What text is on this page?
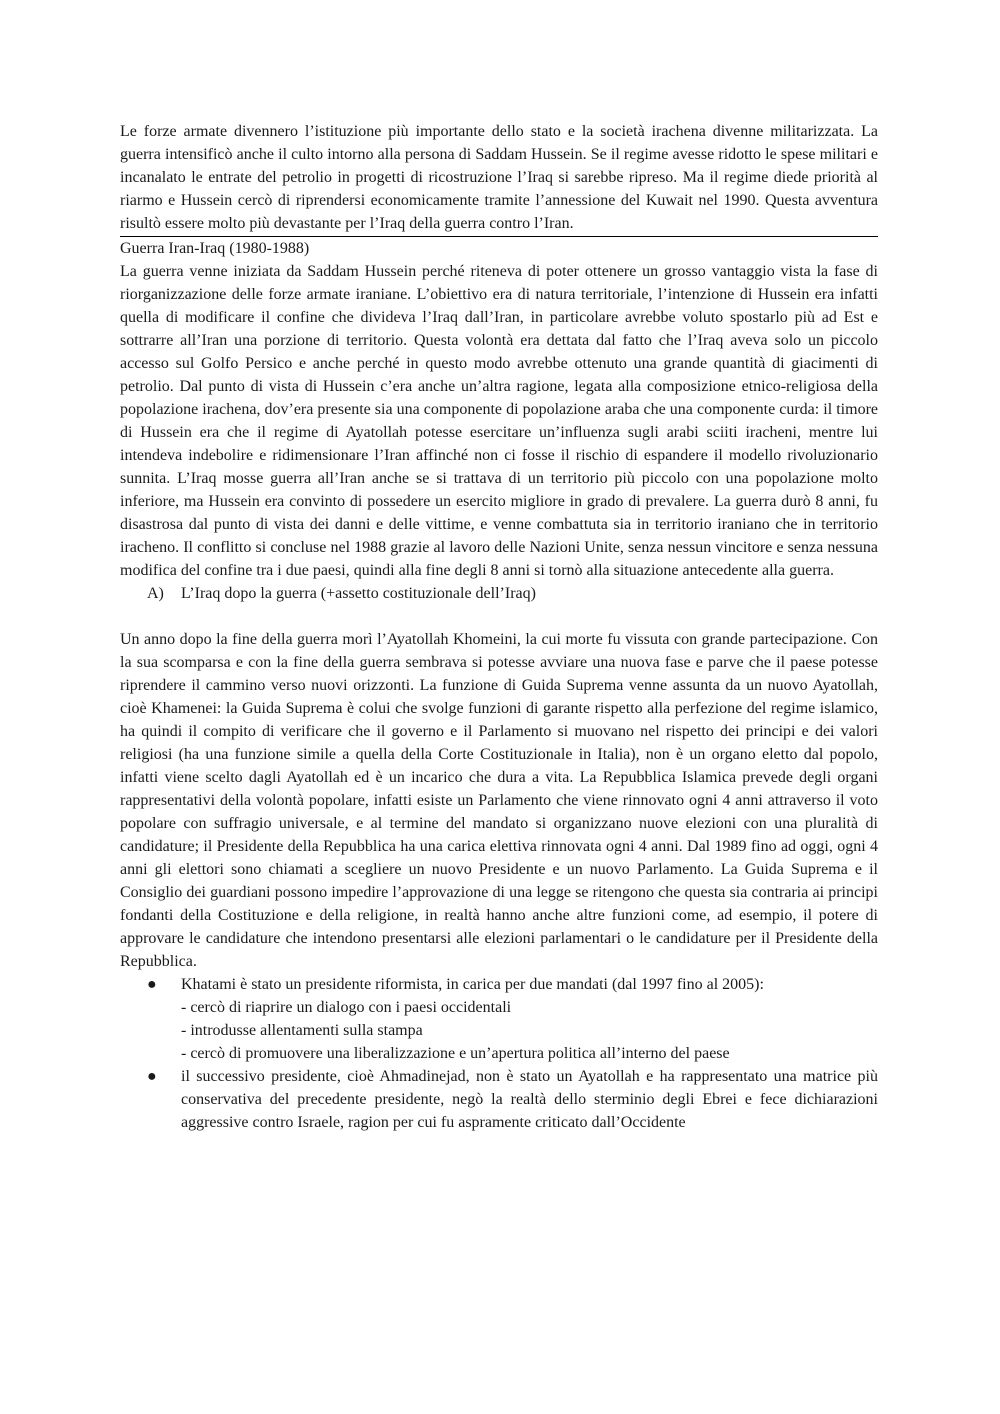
Le forze armate divennero l’istituzione più importante dello stato e la società irachena divenne militarizzata. La guerra intensificò anche il culto intorno alla persona di Saddam Hussein. Se il regime avesse ridotto le spese militari e incanalato le entrate del petrolio in progetti di ricostruzione l’Iraq si sarebbe ripreso. Ma il regime diede priorità al riarmo e Hussein cercò di riprendersi economicamente tramite l’annessione del Kuwait nel 1990. Questa avventura risultò essere molto più devastante per l’Iraq della guerra contro l’Iran.

Guerra Iran-Iraq (1980-1988)

La guerra venne iniziata da Saddam Hussein perché riteneva di poter ottenere un grosso vantaggio vista la fase di riorganizzazione delle forze armate iraniane. L’obiettivo era di natura territoriale, l’intenzione di Hussein era infatti quella di modificare il confine che divideva l’Iraq dall’Iran, in particolare avrebbe voluto spostarlo più ad Est e sottrarre all’Iran una porzione di territorio. Questa volontà era dettata dal fatto che l’Iraq aveva solo un piccolo accesso sul Golfo Persico e anche perché in questo modo avrebbe ottenuto una grande quantità di giacimenti di petrolio. Dal punto di vista di Hussein c’era anche un’altra ragione, legata alla composizione etnico-religiosa della popolazione irachena, dov’era presente sia una componente di popolazione araba che una componente curda: il timore di Hussein era che il regime di Ayatollah potesse esercitare un’influenza sugli arabi sciiti iracheni, mentre lui intendeva indebolire e ridimensionare l’Iran affinché non ci fosse il rischio di espandere il modello rivoluzionario sunnita. L’Iraq mosse guerra all’Iran anche se si trattava di un territorio più piccolo con una popolazione molto inferiore, ma Hussein era convinto di possedere un esercito migliore in grado di prevalere. La guerra durò 8 anni, fu disastrosa dal punto di vista dei danni e delle vittime, e venne combattuta sia in territorio iraniano che in territorio iracheno. Il conflitto si concluse nel 1988 grazie al lavoro delle Nazioni Unite, senza nessun vincitore e senza nessuna modifica del confine tra i due paesi, quindi alla fine degli 8 anni si tornò alla situazione antecedente alla guerra.

A)	L’Iraq dopo la guerra (+assetto costituzionale dell’Iraq)

Un anno dopo la fine della guerra morì l’Ayatollah Khomeini, la cui morte fu vissuta con grande partecipazione. Con la sua scomparsa e con la fine della guerra sembrava si potesse avviare una nuova fase e parve che il paese potesse riprendere il cammino verso nuovi orizzonti. La funzione di Guida Suprema venne assunta da un nuovo Ayatollah, cioè Khamenei: la Guida Suprema è colui che svolge funzioni di garante rispetto alla perfezione del regime islamico, ha quindi il compito di verificare che il governo e il Parlamento si muovano nel rispetto dei principi e dei valori religiosi (ha una funzione simile a quella della Corte Costituzionale in Italia), non è un organo eletto dal popolo, infatti viene scelto dagli Ayatollah ed è un incarico che dura a vita. La Repubblica Islamica prevede degli organi rappresentativi della volontà popolare, infatti esiste un Parlamento che viene rinnovato ogni 4 anni attraverso il voto popolare con suffragio universale, e al termine del mandato si organizzano nuove elezioni con una pluralità di candidature; il Presidente della Repubblica ha una carica elettiva rinnovata ogni 4 anni. Dal 1989 fino ad oggi, ogni 4 anni gli elettori sono chiamati a scegliere un nuovo Presidente e un nuovo Parlamento. La Guida Suprema e il Consiglio dei guardiani possono impedire l’approvazione di una legge se ritengono che questa sia contraria ai principi fondanti della Costituzione e della religione, in realtà hanno anche altre funzioni come, ad esempio, il potere di approvare le candidature che intendono presentarsi alle elezioni parlamentari o le candidature per il Presidente della Repubblica.

●	Khatami è stato un presidente riformista, in carica per due mandati (dal 1997 fino al 2005):

- cercò di riaprire un dialogo con i paesi occidentali
- introdusse allentamenti sulla stampa
- cercò di promuovere una liberalizzazione e un’apertura politica all’interno del paese
●	il successivo presidente, cioè Ahmadinejad, non è stato un Ayatollah e ha rappresentato una matrice più conservativa del precedente presidente, negò la realtà dello sterminio degli Ebrei e fece dichiarazioni aggressive contro Israele, ragion per cui fu aspramente criticato dall’Occidente
